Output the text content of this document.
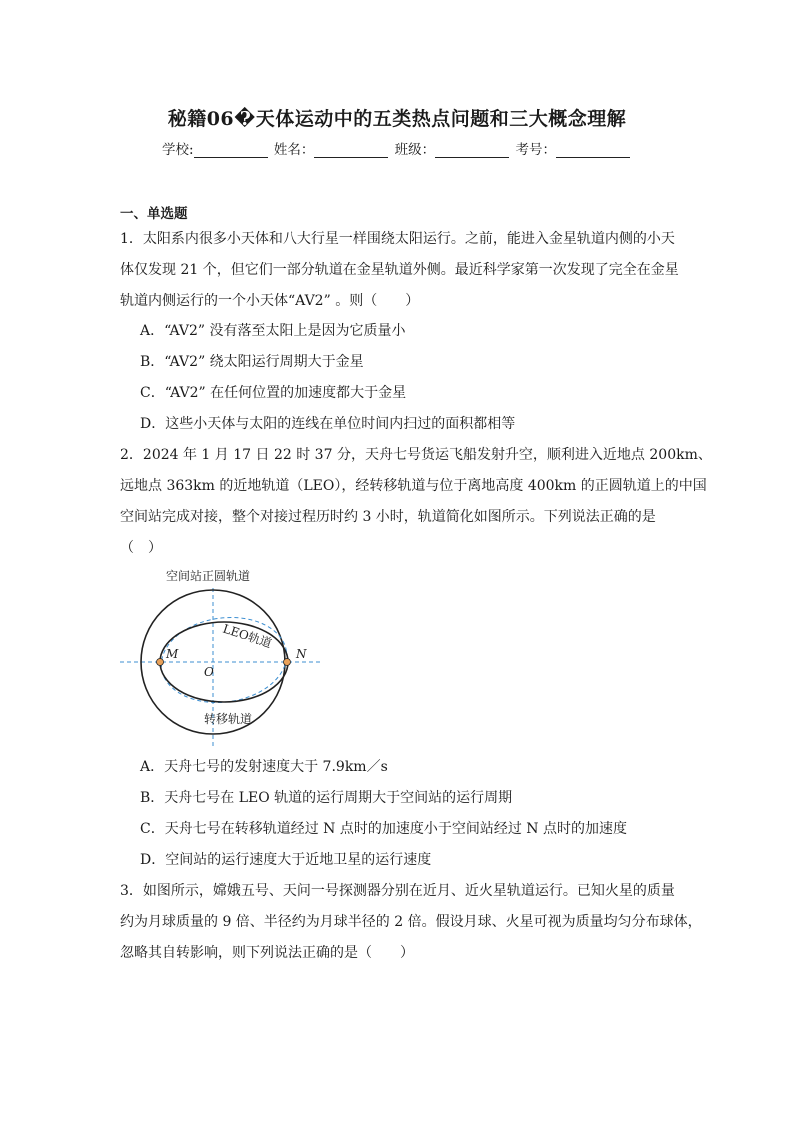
秘籍06�天体运动中的五类热点问题和三大概念理解
学校:	姓名：	班级：	考号：
一、单选题
1．太阳系内很多小天体和八大行星一样围绕太阳运行。之前，能进入金星轨道内侧的小天
体仅发现 21 个，但它们一部分轨道在金星轨道外侧。最近科学家第一次发现了完全在金星
轨道内侧运行的一个小天体“AV2” 。则（　　）
A．“AV2” 没有落至太阳上是因为它质量小
B．“AV2” 绕太阳运行周期大于金星
C．“AV2” 在任何位置的加速度都大于金星
D．这些小天体与太阳的连线在单位时间内扫过的面积都相等
2．2024 年 1 月 17 日 22 时 37 分，天舟七号货运飞船发射升空，顺利进入近地点 200km、
远地点 363km 的近地轨道（LEO），经转移轨道与位于离地高度 400km 的正圆轨道上的中国
空间站完成对接，整个对接过程历时约 3 小时，轨道简化如图所示。下列说法正确的是
（　）
空间站正圆轨道
LEO轨道
转移轨道
M	N
O
A．天舟七号的发射速度大于 7.9km／s
B．天舟七号在 LEO 轨道的运行周期大于空间站的运行周期
C．天舟七号在转移轨道经过 N 点时的加速度小于空间站经过 N 点时的加速度
D．空间站的运行速度大于近地卫星的运行速度
3．如图所示，嫦娥五号、天问一号探测器分别在近月、近火星轨道运行。已知火星的质量
约为月球质量的 9 倍、半径约为月球半径的 2 倍。假设月球、火星可视为质量均匀分布球体，
忽略其自转影响，则下列说法正确的是（　　）
